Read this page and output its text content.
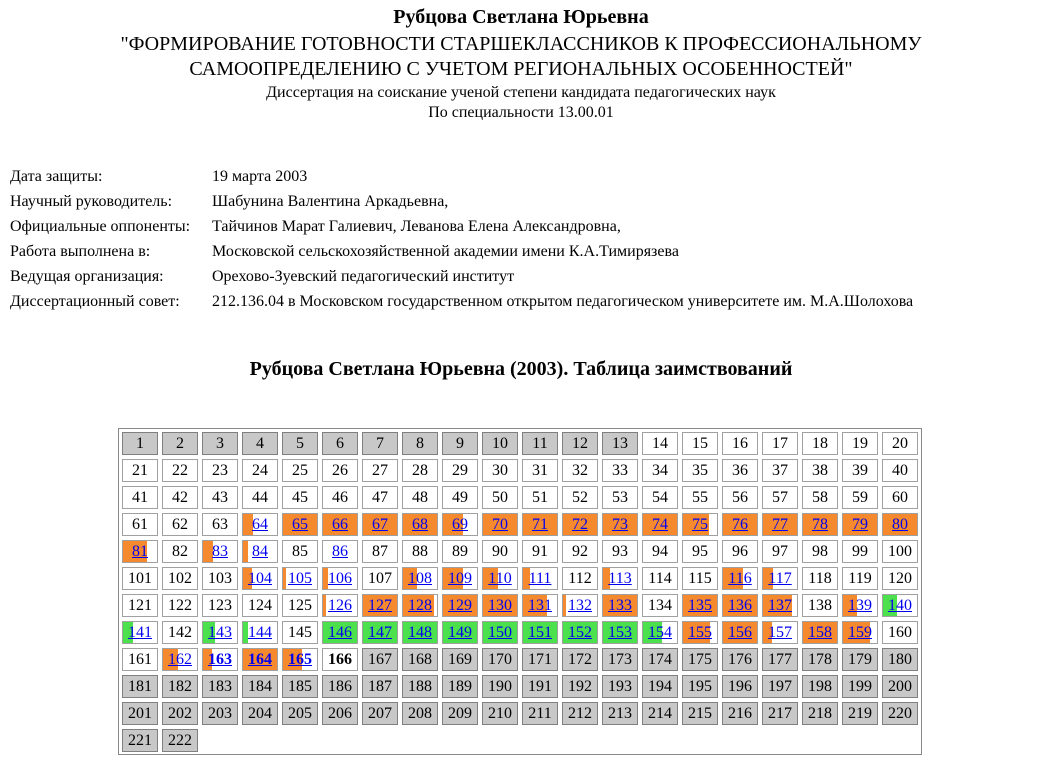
Рубцова Светлана Юрьевна
"ФОРМИРОВАНИЕ ГОТОВНОСТИ СТАРШЕКЛАССНИКОВ К ПРОФЕССИОНАЛЬНОМУ
САМООПРЕДЕЛЕНИЮ С УЧЕТОМ РЕГИОНАЛЬНЫХ ОСОБЕННОСТЕЙ"
Диссертация на соискание ученой степени кандидата педагогических наук
По специальности 13.00.01
Дата защиты:	19 марта 2003
Научный руководитель: Шабунина Валентина Аркадьевна,
Официальные оппоненты: Тайчинов Марат Галиевич, Леванова Елена Александровна,
Работа выполнена в:	Московской сельскохозяйственной академии имени К.А.Тимирязева
Ведущая организация:	Орехово-Зуевский педагогический институт
Диссертационный совет: 212.136.04 в Московском государственном открытом педагогическом университете им. М.А.Шолохова
Рубцова Светлана Юрьевна (2003). Таблица заимствований
1	2	3	4	5	6	7	8	9	10	11	12	13	14	15	16	17	18	19	20
21	22	23	24	25	26	27	28	29	30	31	32	33	34	35	36	37	38	39	40
41	42	43	44	45	46	47	48	49	50	51	52	53	54	55	56	57	58	59	60
61	62	63	64	65	66	67	68	69	70	71	72	73	74	75	76	77	78	79	80
81	82	83	84	85	86	87	88	89	90	91	92	93	94	95	96	97	98	99	100
101	102	103	104	105	106	107	108	109	110	111	112	113	114	115	116	117	118	119	120
121	122	123	124	125	126	127	128	129	130	131	132	133	134	135	136	137	138	139	140
141	142	143	144	145	146	147	148	149	150	151	152	153	154	155	156	157	158	159	160
161	162	163	164	165	166	167	168	169	170	171	172	173	174	175	176	177	178	179	180
181	182	183	184	185	186	187	188	189	190	191	192	193	194	195	196	197	198	199	200
201	202	203	204	205	206	207	208	209	210	211	212	213	214	215	216	217	218	219	220
221	222
